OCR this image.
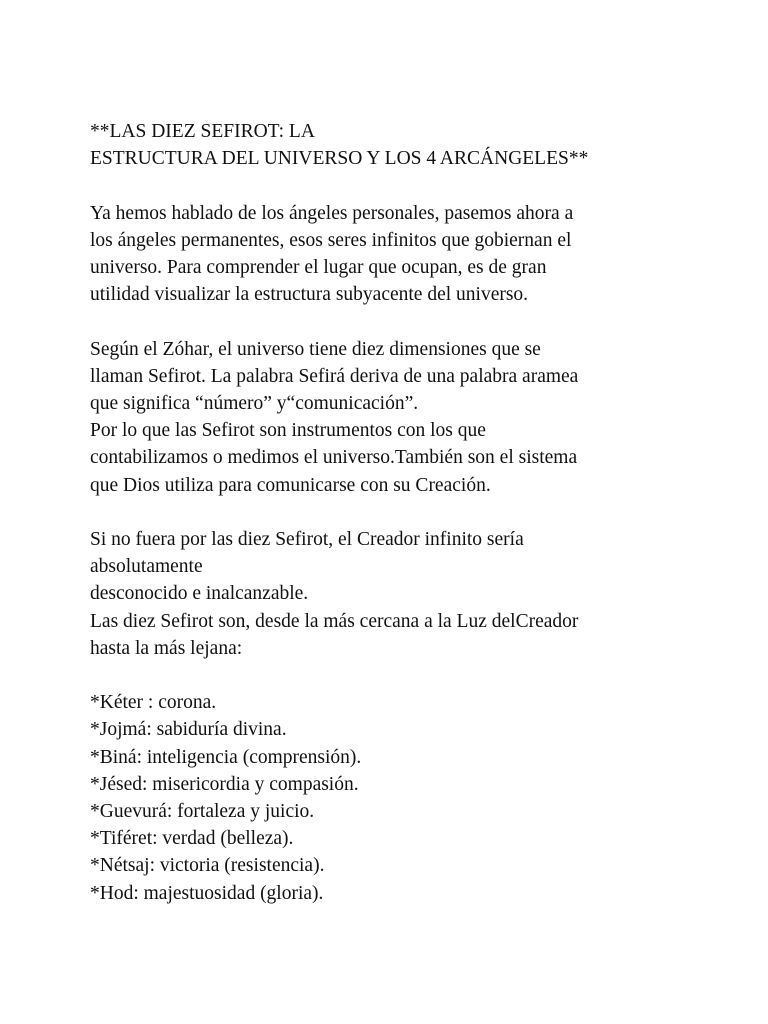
**LAS DIEZ SEFIROT: LA
ESTRUCTURA DEL UNIVERSO Y LOS 4 ARCÁNGELES**
Ya hemos hablado de los ángeles personales, pasemos ahora a
los ángeles permanentes, esos seres infinitos que gobiernan el
universo. Para comprender el lugar que ocupan, es de gran
utilidad visualizar la estructura subyacente del universo.
Según el Zóhar, el universo tiene diez dimensiones que se
llaman Sefirot. La palabra Sefirá deriva de una palabra aramea
que significa “número” y“comunicación”.
Por lo que las Sefirot son instrumentos con los que
contabilizamos o medimos el universo.También son el sistema
que Dios utiliza para comunicarse con su Creación.
Si no fuera por las diez Sefirot, el Creador infinito sería
absolutamente
desconocido e inalcanzable.
Las diez Sefirot son, desde la más cercana a la Luz delCreador
hasta la más lejana:
*Kéter : corona.
*Jojmá: sabiduría divina.
*Biná: inteligencia (comprensión).
*Jésed: misericordia y compasión.
*Guevurá: fortaleza y juicio.
*Tiféret: verdad (belleza).
*Nétsaj: victoria (resistencia).
*Hod: majestuosidad (gloria).
